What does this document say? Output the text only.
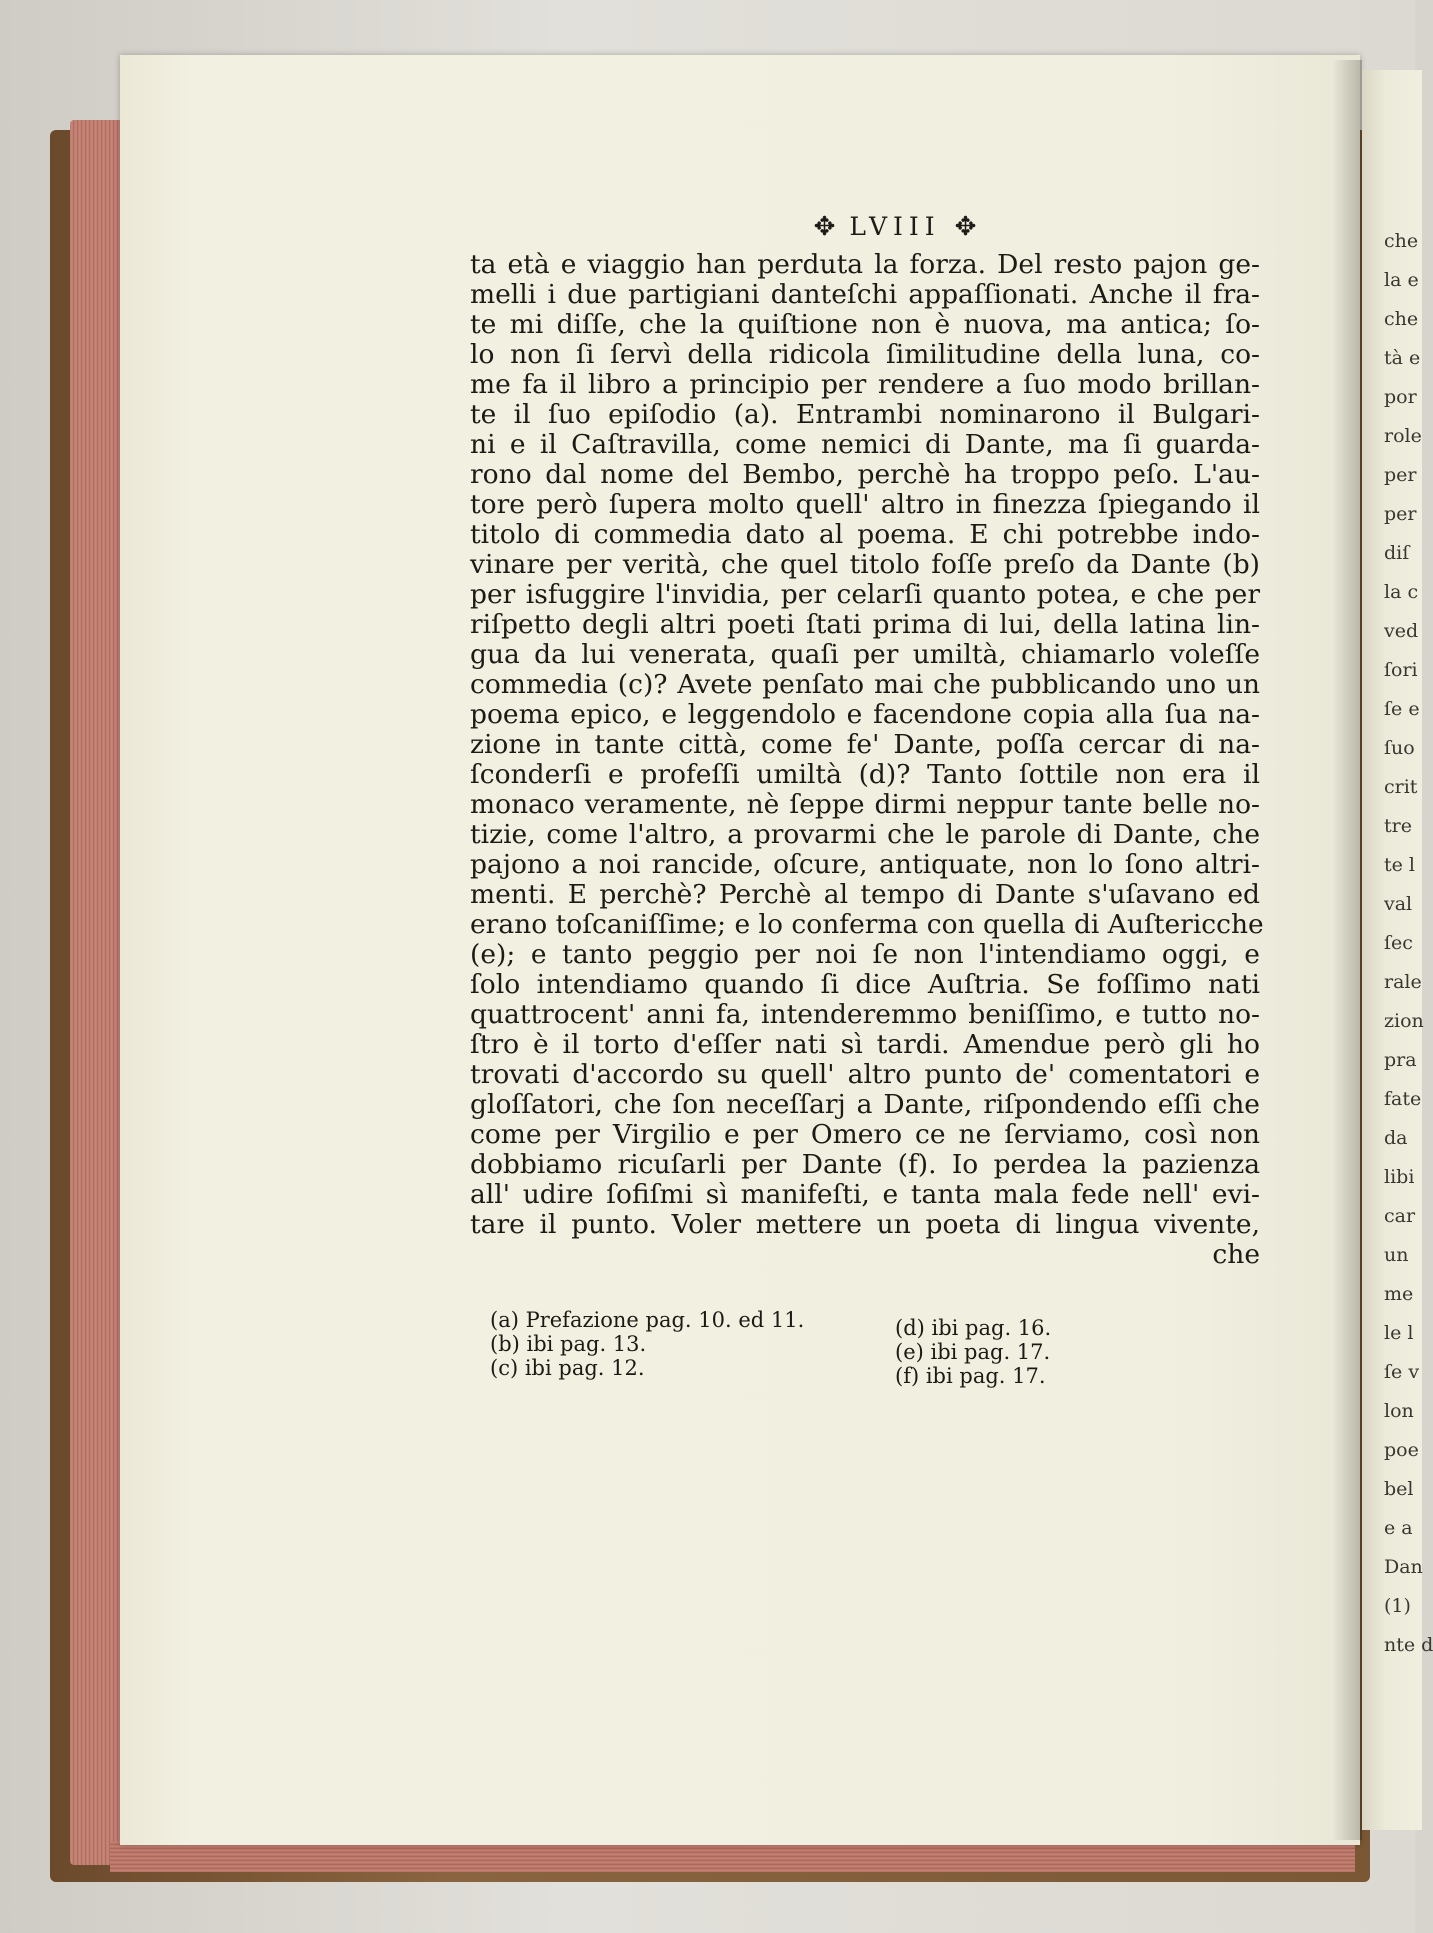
che
la e
che
tà e
por
role
per
per
diſ
la c
ved
ſori
ſe e
ſuo
crit
tre
te l
val
ſec
rale
zion
pra
fate
da
libi
car
un
me
le l
ſe v
lon
poe
bel
e a
Dan
(1)
nte d
✥ LVIII ✥
ta età e viaggio han perduta la forza. Del resto pajon ge-
melli i due partigiani danteſchi appaſſionati. Anche il fra-
te mi diſſe, che la quiſtione non è nuova, ma antica; ſo-
lo non ſi ſervì della ridicola ſimilitudine della luna, co-
me fa il libro a principio per rendere a ſuo modo brillan-
te il ſuo epiſodio (a). Entrambi nominarono il Bulgari-
ni e il Caſtravilla, come nemici di Dante, ma ſi guarda-
rono dal nome del Bembo, perchè ha troppo peſo. L'au-
tore però ſupera molto quell' altro in finezza ſpiegando il
titolo di commedia dato al poema. E chi potrebbe indo-
vinare per verità, che quel titolo foſſe preſo da Dante (b)
per isfuggire l'invidia, per celarſi quanto potea, e che per
riſpetto degli altri poeti ſtati prima di lui, della latina lin-
gua da lui venerata, quaſi per umiltà, chiamarlo voleſſe
commedia (c)? Avete penſato mai che pubblicando uno un
poema epico, e leggendolo e facendone copia alla ſua na-
zione in tante città, come fe' Dante, poſſa cercar di na-
ſconderſi e profeſſi umiltà (d)? Tanto ſottile non era il
monaco veramente, nè ſeppe dirmi neppur tante belle no-
tizie, come l'altro, a provarmi che le parole di Dante, che
pajono a noi rancide, oſcure, antiquate, non lo ſono altri-
menti. E perchè? Perchè al tempo di Dante s'uſavano ed
erano toſcaniſſime; e lo conferma con quella di Auſtericche
(e); e tanto peggio per noi ſe non l'intendiamo oggi, e
ſolo intendiamo quando ſi dice Auſtria. Se foſſimo nati
quattrocent' anni fa, intenderemmo beniſſimo, e tutto no-
ſtro è il torto d'eſſer nati sì tardi. Amendue però gli ho
trovati d'accordo su quell' altro punto de' comentatori e
gloſſatori, che ſon neceſſarj a Dante, riſpondendo eſſi che
come per Virgilio e per Omero ce ne ſerviamo, così non
dobbiamo ricuſarli per Dante (f). Io perdea la pazienza
all' udire ſofiſmi sì manifeſti, e tanta mala fede nell' evi-
tare il punto. Voler mettere un poeta di lingua vivente,
che
(a) Prefazione pag. 10. ed 11.
(b) ibi pag. 13.
(c) ibi pag. 12.
(d) ibi pag. 16.
(e) ibi pag. 17.
(f) ibi pag. 17.
